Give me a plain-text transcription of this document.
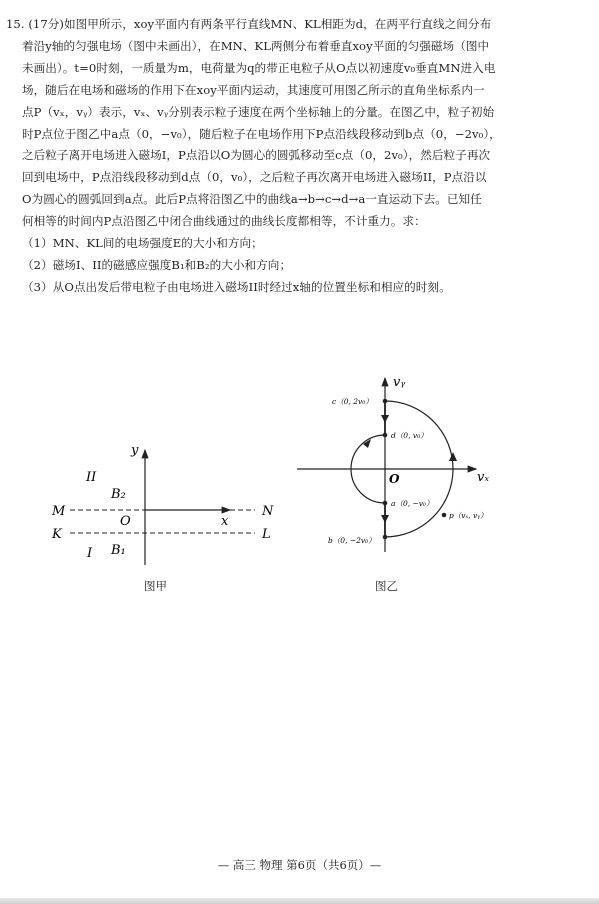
15. (17分)如图甲所示，xoy平面内有两条平行直线MN、KL相距为d，在两平行直线之间分布

着沿y轴的匀强电场（图中未画出），在MN、KL两侧分布着垂直xoy平面的匀强磁场（图中

未画出）。t=0时刻，一质量为m，电荷量为q的带正电粒子从O点以初速度v₀垂直MN进入电

场，随后在电场和磁场的作用下在xoy平面内运动，其速度可用图乙所示的直角坐标系内一

点P（vₓ，vᵧ）表示，vₓ、vᵧ分别表示粒子速度在两个坐标轴上的分量。在图乙中，粒子初始

时P点位于图乙中a点（0，−v₀），随后粒子在电场作用下P点沿线段移动到b点（0，−2v₀），

之后粒子离开电场进入磁场I，P点沿以O为圆心的圆弧移动至c点（0，2v₀），然后粒子再次

回到电场中，P点沿线段移动到d点（0，v₀），之后粒子再次离开电场进入磁场II，P点沿以

O为圆心的圆弧回到a点。此后P点将沿图乙中的曲线a→b→c→d→a一直运动下去。已知任

何相等的时间内P点沿图乙中闭合曲线通过的曲线长度都相等，不计重力。求：

（1）MN、KL间的电场强度E的大小和方向；

（2）磁场I、II的磁感应强度B₁和B₂的大小和方向；

（3）从O点出发后带电粒子由电场进入磁场II时经过x轴的位置坐标和相应的时刻。

y
x
O
M	N
K	L
II
B₂
I B₁
图甲
vᵧ
vₓ
O
c（0, 2v₀）
d（0, v₀）
a（0, −v₀）
b（0, −2v₀）
p（vₓ, vᵧ）
图乙
— 高三 物理 第6页（共6页）—
